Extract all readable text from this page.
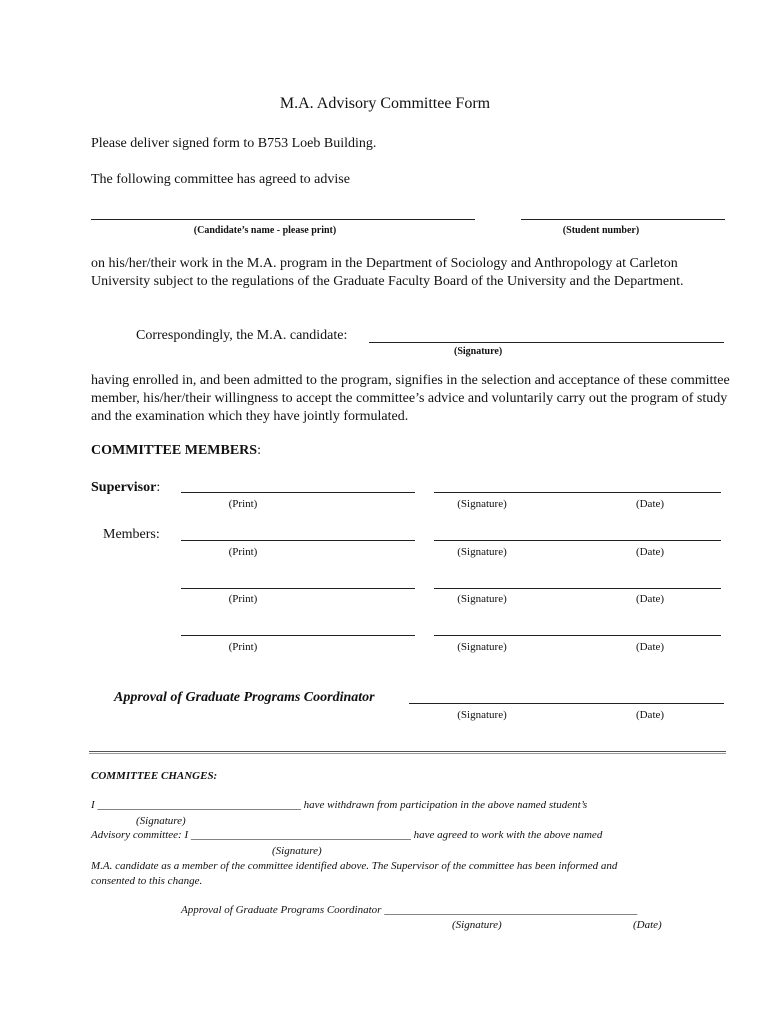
M.A. Advisory Committee Form
Please deliver signed form to B753 Loeb Building.
The following committee has agreed to advise
(Candidate’s name - please print)	(Student number)
on his/her/their work in the M.A. program in the Department of Sociology and Anthropology at Carleton University subject to the regulations of the Graduate Faculty Board of the University and the Department.
Correspondingly, the M.A. candidate:
(Signature)
having enrolled in, and been admitted to the program, signifies in the selection and acceptance of these committee member, his/her/their willingness to accept the committee’s advice and voluntarily carry out the program of study and the examination which they have jointly formulated.
COMMITTEE MEMBERS:
Supervisor:
(Print)	(Signature)	(Date)
Members:
(Print)	(Signature)	(Date)
(Print)	(Signature)	(Date)
(Print)	(Signature)	(Date)
Approval of Graduate Programs Coordinator
(Signature)	(Date)
COMMITTEE CHANGES:
I _____________________________________ have withdrawn from participation in the above named student’s
(Signature)
Advisory committee: I ________________________________________ have agreed to work with the above named
(Signature)
M.A. candidate as a member of the committee identified above. The Supervisor of the committee has been informed and
consented to this change.
Approval of Graduate Programs Coordinator ______________________________________________
(Signature)	(Date)
